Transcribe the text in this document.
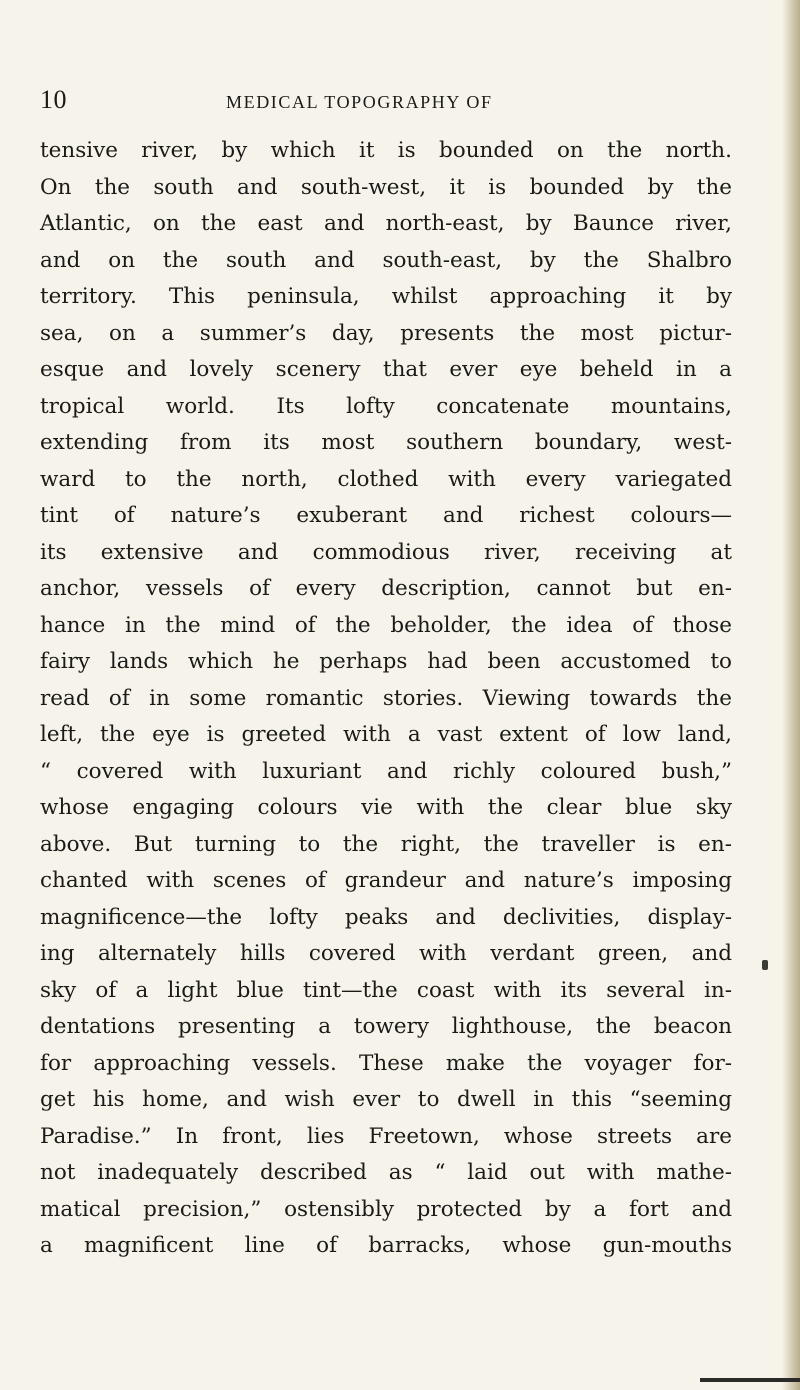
10	MEDICAL TOPOGRAPHY OF
tensive river, by which it is bounded on the north.
On the south and south-west, it is bounded by the
Atlantic, on the east and north-east, by Baunce river,
and on the south and south-east, by the Shalbro
territory. This peninsula, whilst approaching it by
sea, on a summer’s day, presents the most pictur-
esque and lovely scenery that ever eye beheld in a
tropical world. Its lofty concatenate mountains,
extending from its most southern boundary, west-
ward to the north, clothed with every variegated
tint of nature’s exuberant and richest colours—
its extensive and commodious river, receiving at
anchor, vessels of every description, cannot but en-
hance in the mind of the beholder, the idea of those
fairy lands which he perhaps had been accustomed to
read of in some romantic stories. Viewing towards the
left, the eye is greeted with a vast extent of low land,
“ covered with luxuriant and richly coloured bush,”
whose engaging colours vie with the clear blue sky
above. But turning to the right, the traveller is en-
chanted with scenes of grandeur and nature’s imposing
magnificence—the lofty peaks and declivities, display-
ing alternately hills covered with verdant green, and
sky of a light blue tint—the coast with its several in-
dentations presenting a towery lighthouse, the beacon
for approaching vessels. These make the voyager for-
get his home, and wish ever to dwell in this “seeming
Paradise.” In front, lies Freetown, whose streets are
not inadequately described as “ laid out with mathe-
matical precision,” ostensibly protected by a fort and
a magnificent line of barracks, whose gun-mouths
